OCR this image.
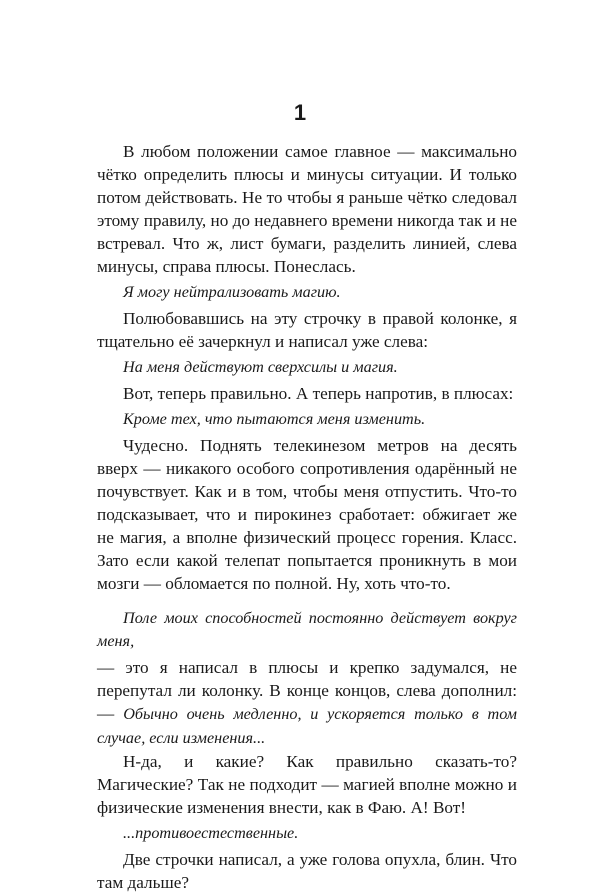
1

В любом положении самое главное — максимально чётко определить плюсы и минусы ситуации. И только потом действовать. Не то чтобы я раньше чётко следовал этому правилу, но до недавнего времени никогда так и не встревал. Что ж, лист бумаги, разделить линией, слева минусы, справа плюсы. Понеслась.

Я могу нейтрализовать магию.

Полюбовавшись на эту строчку в правой колонке, я тщательно её зачеркнул и написал уже слева:

На меня действуют сверхсилы и магия.

Вот, теперь правильно. А теперь напротив, в плюсах:

Кроме тех, что пытаются меня изменить.

Чудесно. Поднять телекинезом метров на десять вверх — никакого особого сопротивления одарённый не почувствует. Как и в том, чтобы меня отпустить. Что-то подсказывает, что и пирокинез сработает: обжигает же не магия, а вполне физический процесс горения. Класс. Зато если какой телепат попытается проникнуть в мои мозги — обломается по полной. Ну, хоть что-то.

Поле моих способностей постоянно действует вокруг меня,

— это я написал в плюсы и крепко задумался, не перепутал ли колонку. В конце концов, слева дополнил: — Обычно очень медленно, и ускоряется только в том случае, если изменения...

Н-да, и какие? Как правильно сказать-то? Магические? Так не подходит — магией вполне можно и физические изменения внести, как в Фаю. А! Вот!

...противоестественные.

Две строчки написал, а уже голова опухла, блин. Что там дальше?
